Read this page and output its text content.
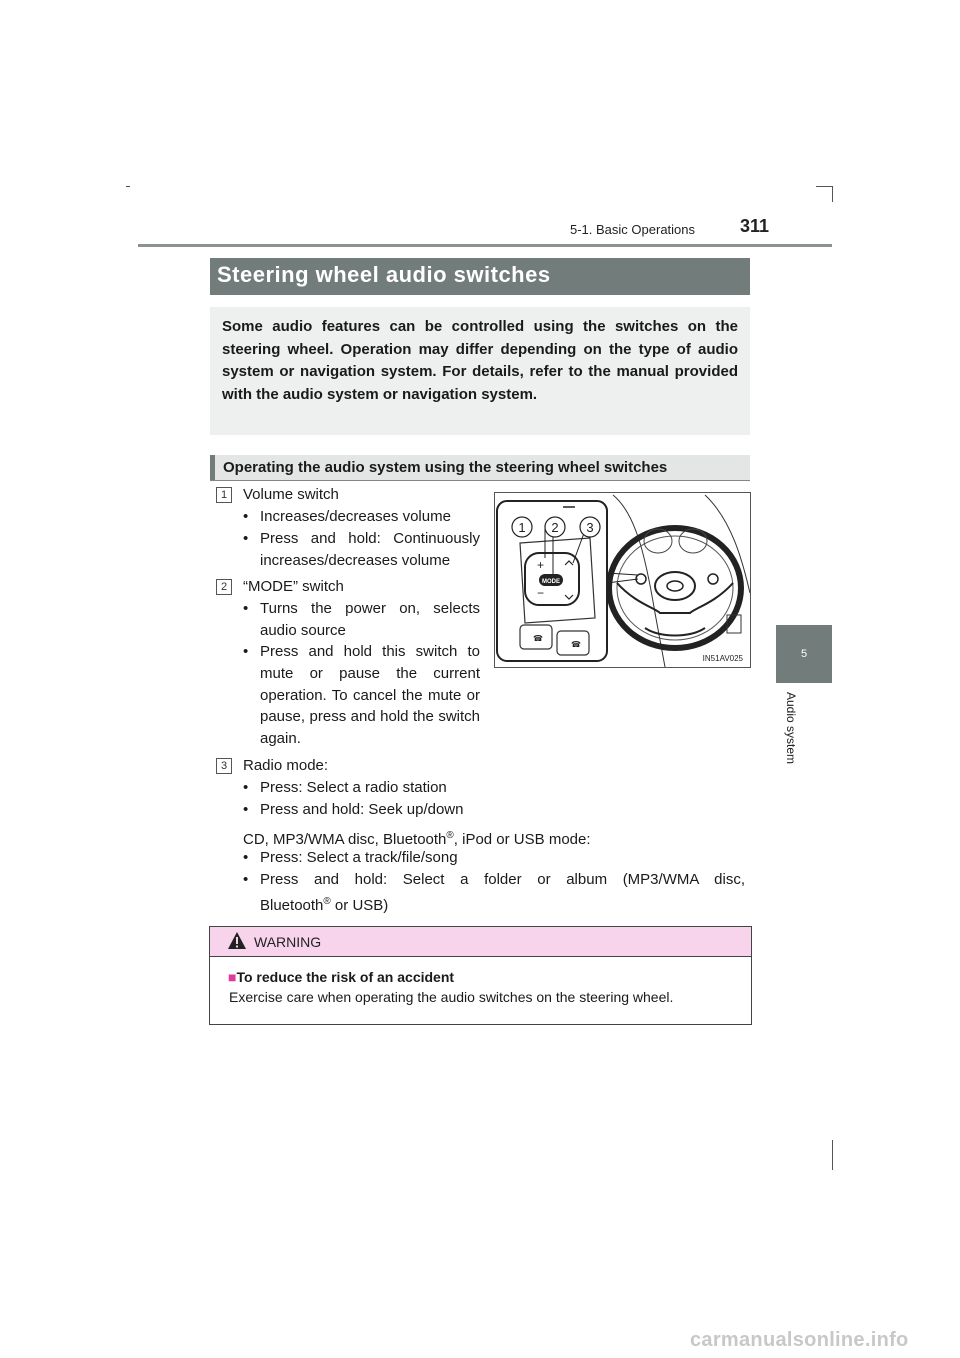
5-1. Basic Operations 311
5
Audio system
Steering wheel audio switches

Some audio features can be controlled using the switches on the steering wheel. Operation may differ depending on the type of audio system or navigation system. For details, refer to the manual provided with the audio system or navigation system.

Operating the audio system using the steering wheel switches
1	Volume switch
• Increases/decreases volume
• Press and hold: Continuously increases/decreases volume
2	“MODE” switch
• Turns the power on, selects audio source
• Press and hold this switch to mute or pause the current operation. To cancel the mute or pause, press and hold the switch again.
3	Radio mode:
• Press: Select a radio station
• Press and hold: Seek up/down
CD, MP3/WMA disc, Bluetooth®, iPod or USB mode:
• Press: Select a track/file/song
• Press and hold: Select a folder or album (MP3/WMA disc,
Bluetooth® or USB)
+
−
MODE
☎
☎
1 2 3
IN51AV025
WARNING
■To reduce the risk of an accident
Exercise care when operating the audio switches on the steering wheel.
carmanualsonline.info
